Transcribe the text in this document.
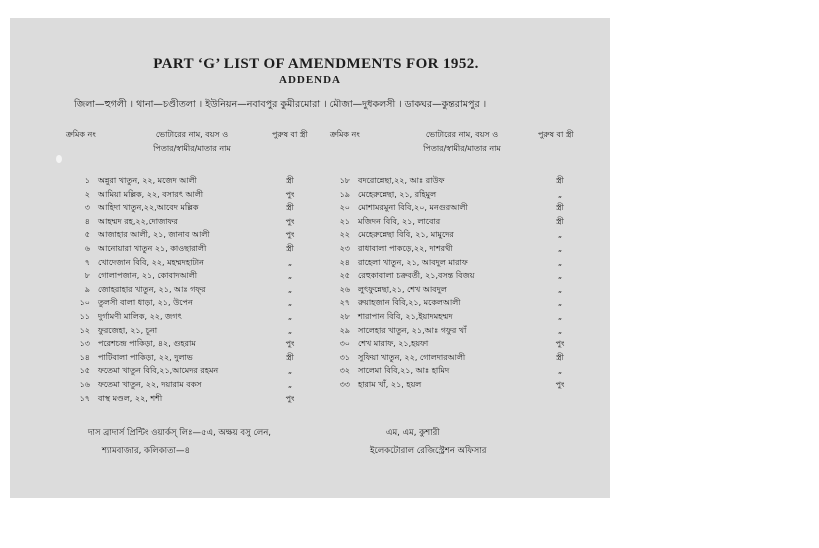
PART ‘G’ LIST OF AMENDMENTS FOR 1952.
ADDENDA
জিলা—হুগলী । থানা—চণ্ডীতলা । ইউনিয়ন—নবাবপুর কুমীরমোরা । মৌজা—দুধকলসী । ডাকঘর—কুন্তরামপুর ।
ক্রমিক নং	ভোটারের নাম, বয়স ও
পিতার/স্বামীর/মাতার নাম
পুরুষ বা স্ত্রী	ক্রমিক নং	ভোটারের নাম, বয়স ও
পিতার/স্বামীর/মাতার নাম
পুরুষ বা স্ত্রী
১ অন্নুরা খাতুন, ২২, মজেদ আলী	স্ত্রী
২ আমিয়া মল্লিক, ২২, বসারৎ আলী	পুং
৩ আহিদা খাতুন,২২,আবেদ মল্লিক	স্ত্রী
৪ আহম্মদ রহ,২২,দোজাফর	পুং
৫ আজাহার আলী, ২১, জানাব আলী	পুং
৬ আনোয়ারা খাতুন ২১, কাওছারালী	স্ত্রী
৭ খোদেজান বিবি, ২২, মহম্মদহাটান	„
৮ গোলাপজান, ২১, কোবাদআলী	„
৯ জোহরাহার খাতুন, ২১, আঃ গফ্‌র	„
১০ তুলসী বালা ধাড়া, ২১, উপেন	„
১১ দুর্গামণী মালিক, ২২, জগৎ	„
১২ ফুরজেহা, ২১, চূনা	„
১৩ পরেশচন্দ্র পাকিড়া, ৪২, গুহরাম	পুং
১৪ পাটিবালা পাকিড়া, ২২, দুলাভ	স্ত্রী
১৫ ফতেমা খাতুন বিবি,২১,আমেদর রহমন	„
১৬ ফতেমা খাতুন, ২২, দয়ারাম বকস	„
১৭ বাস্থ মণ্ডল, ২২, শশী	পুং
১৮ বদরোন্নেছা,২২, আঃ রাউফ	স্ত্রী
১৯ মেহেরুন্নেছা, ২১, রহিমুল	„
২০ মোশামরমুনা বিবি,২০, মনগুরআলী	স্ত্রী
২১ মজিদন বিবি, ২১, লাবোর	স্ত্রী
২২ মেহেরুন্নেছা বিবি, ২১, মামুদের	„
২৩ রাধাবালা পাকড়ে,২২, দাশরথী	„
২৪ রাহেলা খাতুন, ২১, আবদুল মারাফ	„
২৫ রেহুকাবালা চক্রবর্তী, ২১,বসন্ত বিজয়	„
২৬ লুৎফুন্নেছা,২১, শেখ আবদুল	„
২৭ রুয়াহজান বিবি,২১, মকেলআলী	„
২৮ শারাপান বিবি, ২১,ইয়াদমহম্মদ	„
২৯ সালেহার খাতুন, ২১,আঃ গফুর খাঁ	„
৩০ শেখ মারাফ, ২১,হয়ফা	পুং
৩১ সুফিয়া খাতুন, ২২, গোলদারআলী	স্ত্রী
৩২ সালেমা বিবি,২১, আঃ হামিদ	„
৩৩ হারাম খাঁ, ২১, হয়ল	পুং
দাস ব্রাদার্স প্রিন্টিং ওয়ার্কস্ লিঃ—৫এ, অক্ষয় বসু লেন,
শ্যামবাজার, কলিকাতা—৪
এম, এম, কুশারী
ইলেকটোরাল রেজিস্ট্রেশন অফিসার
